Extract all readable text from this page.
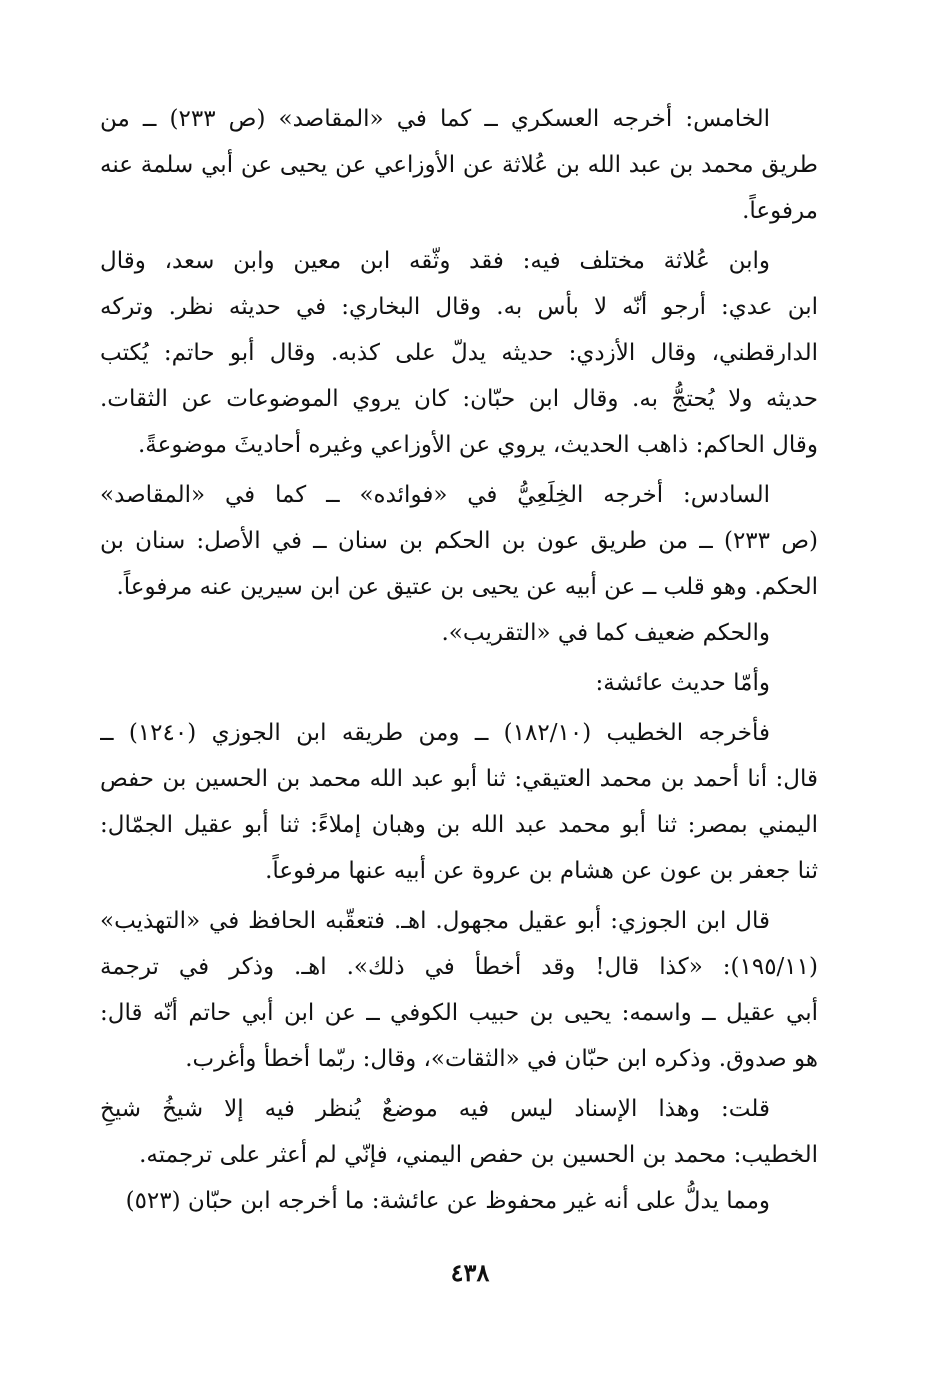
الخامس: أخرجه العسكري ــ كما في «المقاصد» (ص ٢٣٣) ــ من
طريق محمد بن عبد الله بن عُلاثة عن الأوزاعي عن يحيى عن أبي سلمة عنه
مرفوعاً.
وابن عُلاثة مختلف فيه: فقد وثّقه ابن معين وابن سعد، وقال
ابن عدي: أرجو أنّه لا بأس به. وقال البخاري: في حديثه نظر. وتركه
الدارقطني، وقال الأزدي: حديثه يدلّ على كذبه. وقال أبو حاتم: يُكتب
حديثه ولا يُحتجُّ به. وقال ابن حبّان: كان يروي الموضوعات عن الثقات.
وقال الحاكم: ذاهب الحديث، يروي عن الأوزاعي وغيره أحاديثَ موضوعةً.
السادس: أخرجه الخِلَعِيُّ في «فوائده» ــ كما في «المقاصد»
(ص ٢٣٣) ــ من طريق عون بن الحكم بن سنان ــ في الأصل: سنان بن
الحكم. وهو قلب ــ عن أبيه عن يحيى بن عتيق عن ابن سيرين عنه مرفوعاً.
والحكم ضعيف كما في «التقريب».
وأمّا حديث عائشة:
فأخرجه الخطيب (١٨٢/١٠) ــ ومن طريقه ابن الجوزي (١٢٤٠) ــ
قال: أنا أحمد بن محمد العتيقي: ثنا أبو عبد الله محمد بن الحسين بن حفص
اليمني بمصر: ثنا أبو محمد عبد الله بن وهبان إملاءً: ثنا أبو عقيل الجمّال:
ثنا جعفر بن عون عن هشام بن عروة عن أبيه عنها مرفوعاً.
قال ابن الجوزي: أبو عقيل مجهول. اهـ. فتعقّبه الحافظ في «التهذيب»
(١٩٥/١١): «كذا قال! وقد أخطأ في ذلك». اهـ. وذكر في ترجمة
أبي عقيل ــ واسمه: يحيى بن حبيب الكوفي ــ عن ابن أبي حاتم أنّه قال:
هو صدوق. وذكره ابن حبّان في «الثقات»، وقال: ربّما أخطأ وأغرب.
قلت: وهذا الإسناد ليس فيه موضعٌ يُنظر فيه إلا شيخُ شيخِ
الخطيب: محمد بن الحسين بن حفص اليمني، فإنّي لم أعثر على ترجمته.
ومما يدلُّ على أنه غير محفوظ عن عائشة: ما أخرجه ابن حبّان (٥٢٣)
٤٣٨
